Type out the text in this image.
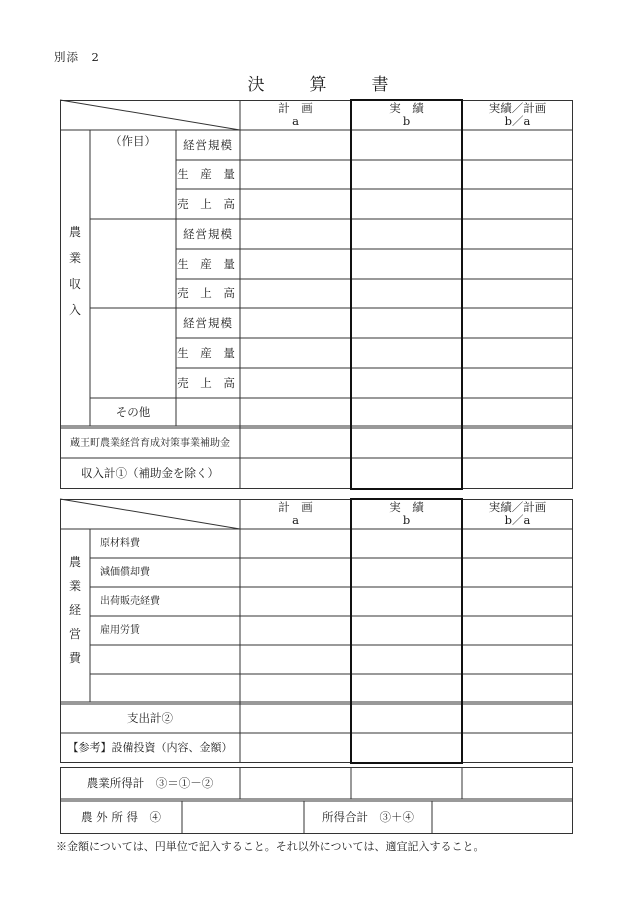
別添　2
決　算　書
計　画
a
実　績
b
実績／計画
b／a
農
業
収
入
（作目）	経営規模
生 産 量
売 上 高
経営規模
生 産 量
売 上 高
経営規模
生 産 量
売 上 高
その他
蔵王町農業経営育成対策事業補助金
収入計①（補助金を除く）
計　画
a
実　績
b
実績／計画
b／a
農
業
経
営
費
原材料費
減価償却費
出荷販売経費
雇用労賃
支出計②
【参考】設備投資（内容、金額）
農業所得計　③＝①－②
農 外 所 得　④	所得合計　③＋④
※金額については、円単位で記入すること。それ以外については、適宜記入すること。
